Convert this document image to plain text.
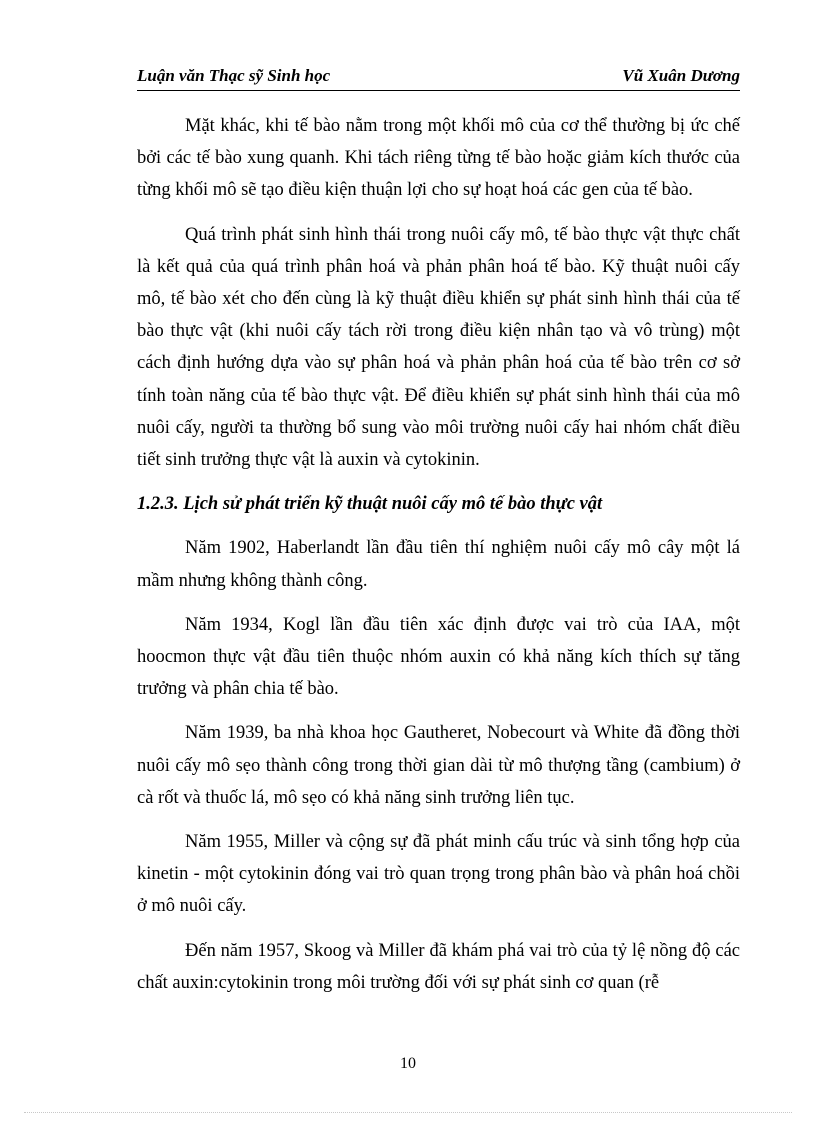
Luận văn Thạc sỹ Sinh học	Vũ Xuân Dương

Mặt khác, khi tế bào nằm trong một khối mô của cơ thể thường bị ức chế bởi các tế bào xung quanh. Khi tách riêng từng tế bào hoặc giảm kích thước của từng khối mô sẽ tạo điều kiện thuận lợi cho sự hoạt hoá các gen của tế bào.

Quá trình phát sinh hình thái trong nuôi cấy mô, tế bào thực vật thực chất là kết quả của quá trình phân hoá và phản phân hoá tế bào. Kỹ thuật nuôi cấy mô, tế bào xét cho đến cùng là kỹ thuật điều khiển sự phát sinh hình thái của tế bào thực vật (khi nuôi cấy tách rời trong điều kiện nhân tạo và vô trùng) một cách định hướng dựa vào sự phân hoá và phản phân hoá của tế bào trên cơ sở tính toàn năng của tế bào thực vật. Để điều khiển sự phát sinh hình thái của mô nuôi cấy, người ta thường bổ sung vào môi trường nuôi cấy hai nhóm chất điều tiết sinh trưởng thực vật là auxin và cytokinin.

1.2.3. Lịch sử phát triển kỹ thuật nuôi cấy mô tế bào thực vật

Năm 1902, Haberlandt lần đầu tiên thí nghiệm nuôi cấy mô cây một lá mầm nhưng không thành công.

Năm 1934, Kogl lần đầu tiên xác định được vai trò của IAA, một hoocmon thực vật đầu tiên thuộc nhóm auxin có khả năng kích thích sự tăng trưởng và phân chia tế bào.

Năm 1939, ba nhà khoa học Gautheret, Nobecourt và White đã đồng thời nuôi cấy mô sẹo thành công trong thời gian dài từ mô thượng tầng (cambium) ở cà rốt và thuốc lá, mô sẹo có khả năng sinh trưởng liên tục.

Năm 1955, Miller và cộng sự đã phát minh cấu trúc và sinh tổng hợp của kinetin - một cytokinin đóng vai trò quan trọng trong phân bào và phân hoá chồi ở mô nuôi cấy.

Đến năm 1957, Skoog và Miller đã khám phá vai trò của tỷ lệ nồng độ các chất auxin:cytokinin trong môi trường đối với sự phát sinh cơ quan (rễ

10
